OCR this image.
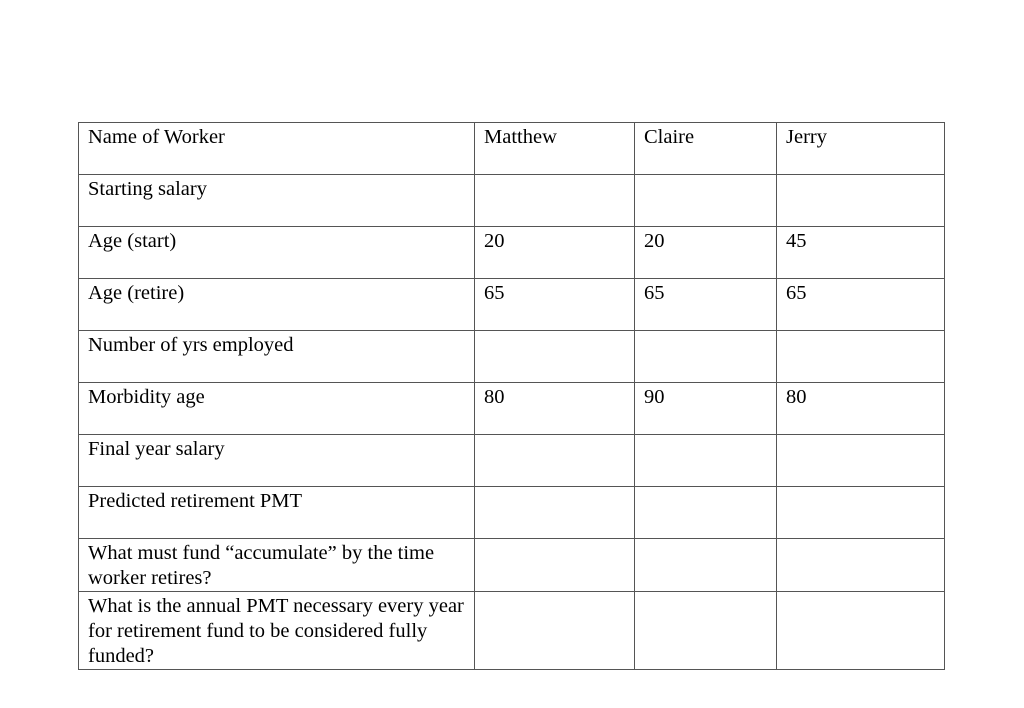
Name of Worker	Matthew	Claire	Jerry
Starting salary			
Age (start)	20	20	45
Age (retire)	65	65	65
Number of yrs employed			
Morbidity age	80	90	80
Final year salary			
Predicted retirement PMT			
What must fund “accumulate” by the time worker retires?			
What is the annual PMT necessary every year for retirement fund to be considered fully funded?			
